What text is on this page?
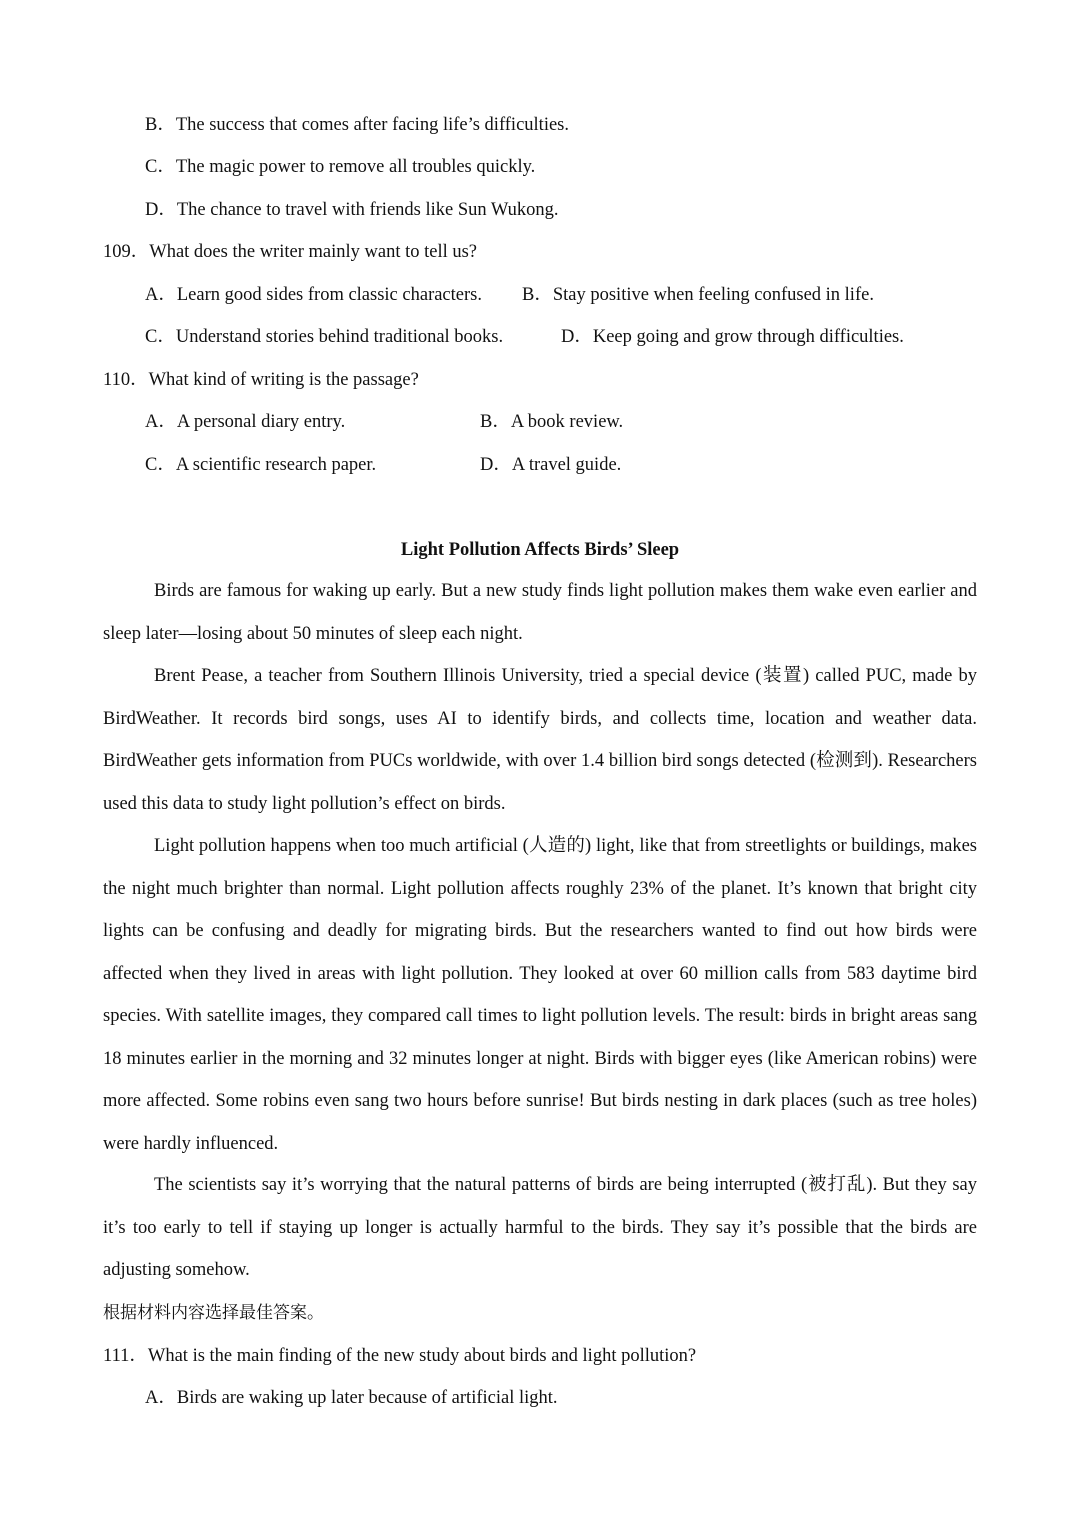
B．The success that comes after facing life’s difficulties.
C．The magic power to remove all troubles quickly.
D．The chance to travel with friends like Sun Wukong.
109．What does the writer mainly want to tell us?
A．Learn good sides from classic characters. B．Stay positive when feeling confused in life.
C．Understand stories behind traditional books.	D．Keep going and grow through difficulties.
110．What kind of writing is the passage?
A．A personal diary entry.	B．A book review.
C．A scientific research paper.	D．A travel guide.
Light Pollution Affects Birds’ Sleep
Birds are famous for waking up early. But a new study finds light pollution makes them wake even earlier and sleep later—losing about 50 minutes of sleep each night.
Brent Pease, a teacher from Southern Illinois University, tried a special device (装置) called PUC, made by BirdWeather. It records bird songs, uses AI to identify birds, and collects time, location and weather data. BirdWeather gets information from PUCs worldwide, with over 1.4 billion bird songs detected (检测到). Researchers used this data to study light pollution’s effect on birds.
Light pollution happens when too much artificial (人造的) light, like that from streetlights or buildings, makes the night much brighter than normal. Light pollution affects roughly 23% of the planet. It’s known that bright city lights can be confusing and deadly for migrating birds. But the researchers wanted to find out how birds were affected when they lived in areas with light pollution. They looked at over 60 million calls from 583 daytime bird species. With satellite images, they compared call times to light pollution levels. The result: birds in bright areas sang 18 minutes earlier in the morning and 32 minutes longer at night. Birds with bigger eyes (like American robins) were more affected. Some robins even sang two hours before sunrise! But birds nesting in dark places (such as tree holes) were hardly influenced.
The scientists say it’s worrying that the natural patterns of birds are being interrupted (被打乱). But they say it’s too early to tell if staying up longer is actually harmful to the birds. They say it’s possible that the birds are adjusting somehow.
根据材料内容选择最佳答案。
111．What is the main finding of the new study about birds and light pollution?
A．Birds are waking up later because of artificial light.
